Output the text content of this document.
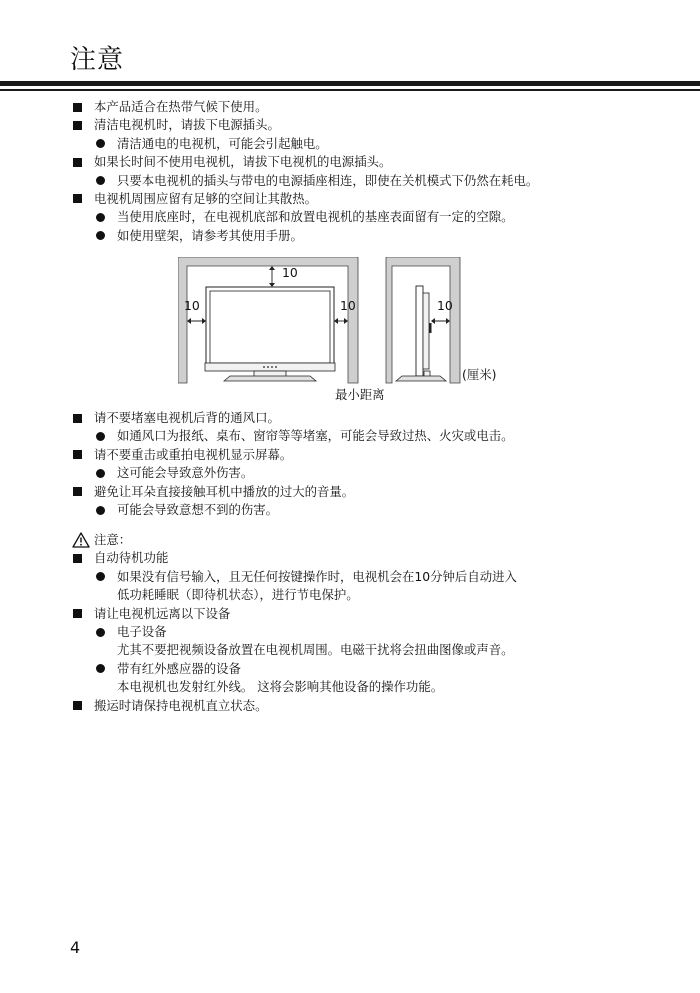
注意
本产品适合在热带气候下使用。
清洁电视机时，请拔下电源插头。
清洁通电的电视机，可能会引起触电。
如果长时间不使用电视机，请拔下电视机的电源插头。
只要本电视机的插头与带电的电源插座相连，即使在关机模式下仍然在耗电。
电视机周围应留有足够的空间让其散热。
当使用底座时，在电视机底部和放置电视机的基座表面留有一定的空隙。
如使用壁架，请参考其使用手册。
10
10	10	10
(厘米)
最小距离
请不要堵塞电视机后背的通风口。
如通风口为报纸、桌布、窗帘等等堵塞，可能会导致过热、火灾或电击。
请不要重击或重拍电视机显示屏幕。
这可能会导致意外伤害。
避免让耳朵直接接触耳机中播放的过大的音量。
可能会导致意想不到的伤害。
注意：
自动待机功能
如果没有信号输入，且无任何按键操作时，电视机会在10分钟后自动进入
低功耗睡眠（即待机状态），进行节电保护。
请让电视机远离以下设备
电子设备
尤其不要把视频设备放置在电视机周围。电磁干扰将会扭曲图像或声音。
带有红外感应器的设备
本电视机也发射红外线。 这将会影响其他设备的操作功能。
搬运时请保持电视机直立状态。
4
